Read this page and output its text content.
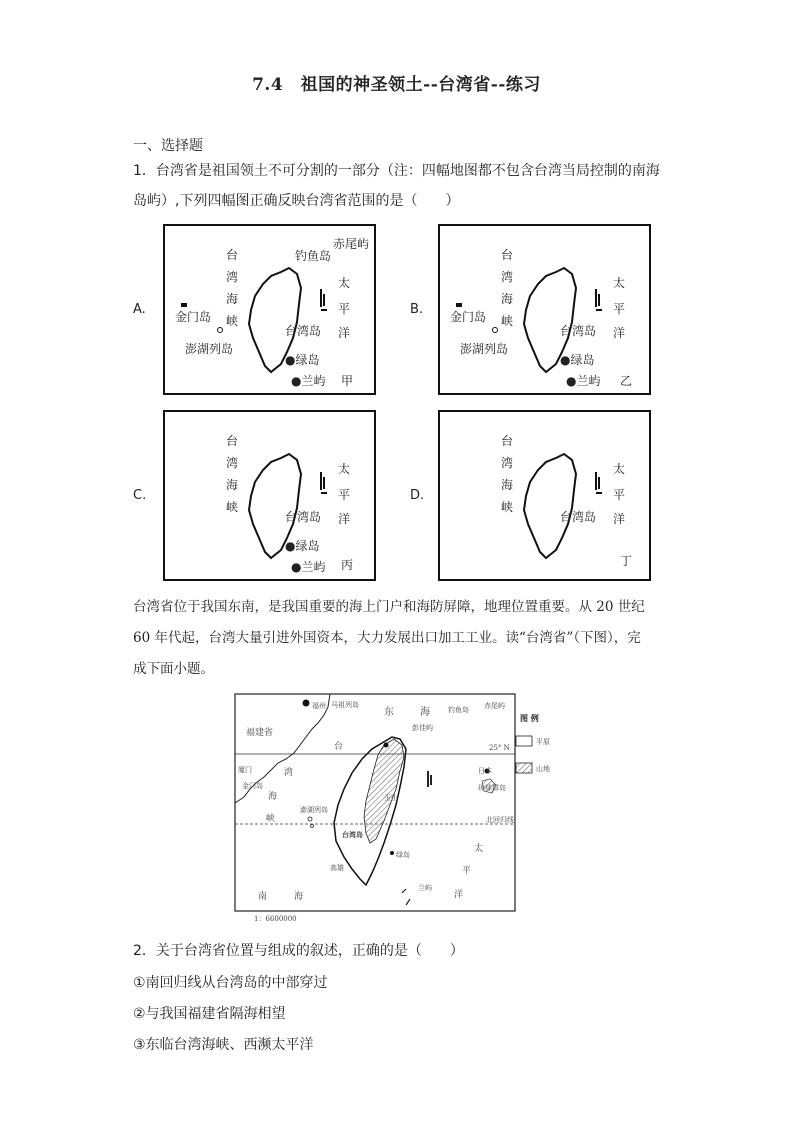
7.4　祖国的神圣领土--台湾省--练习
一、选择题
1．台湾省是祖国领土不可分割的一部分（注：四幅地图都不包含台湾当局控制的南海
岛屿）,下列四幅图正确反映台湾省范围的是（　　）
A.	B.
C.	D.
赤尾屿
钓鱼岛
台
湾
海
峡
太
平
洋
金门岛
澎湖列岛
台湾岛
●绿岛
●兰屿 甲
台
湾
海
峡
太
平
洋
金门岛
澎湖列岛
台湾岛
●绿岛
●兰屿 乙
台
湾
海
峡
太
平
洋
台湾岛
●绿岛
●兰屿 丙
台
湾
海
峡
太
平
洋
台湾岛
丁
台湾省位于我国东南，是我国重要的海上门户和海防屏障，地理位置重要。从 20 世纪
60 年代起，台湾大量引进外国资本，大力发展出口加工工业。读“台湾省”（下图），完
成下面小题。
福州 马祖列岛
东	海	钓鱼岛 赤尾屿
彭佳屿
福建省
台	25° N
厦门	湾
金门岛
海
澎湖列岛
峡
玉山
台湾岛
绿岛
高雄
兰屿
南	海
太
平
洋
琉球群岛
日本
北回归线
1：6600000
图 例
平原
山地
2．关于台湾省位置与组成的叙述，正确的是（　　）
①南回归线从台湾岛的中部穿过
②与我国福建省隔海相望
③东临台湾海峡、西濒太平洋
